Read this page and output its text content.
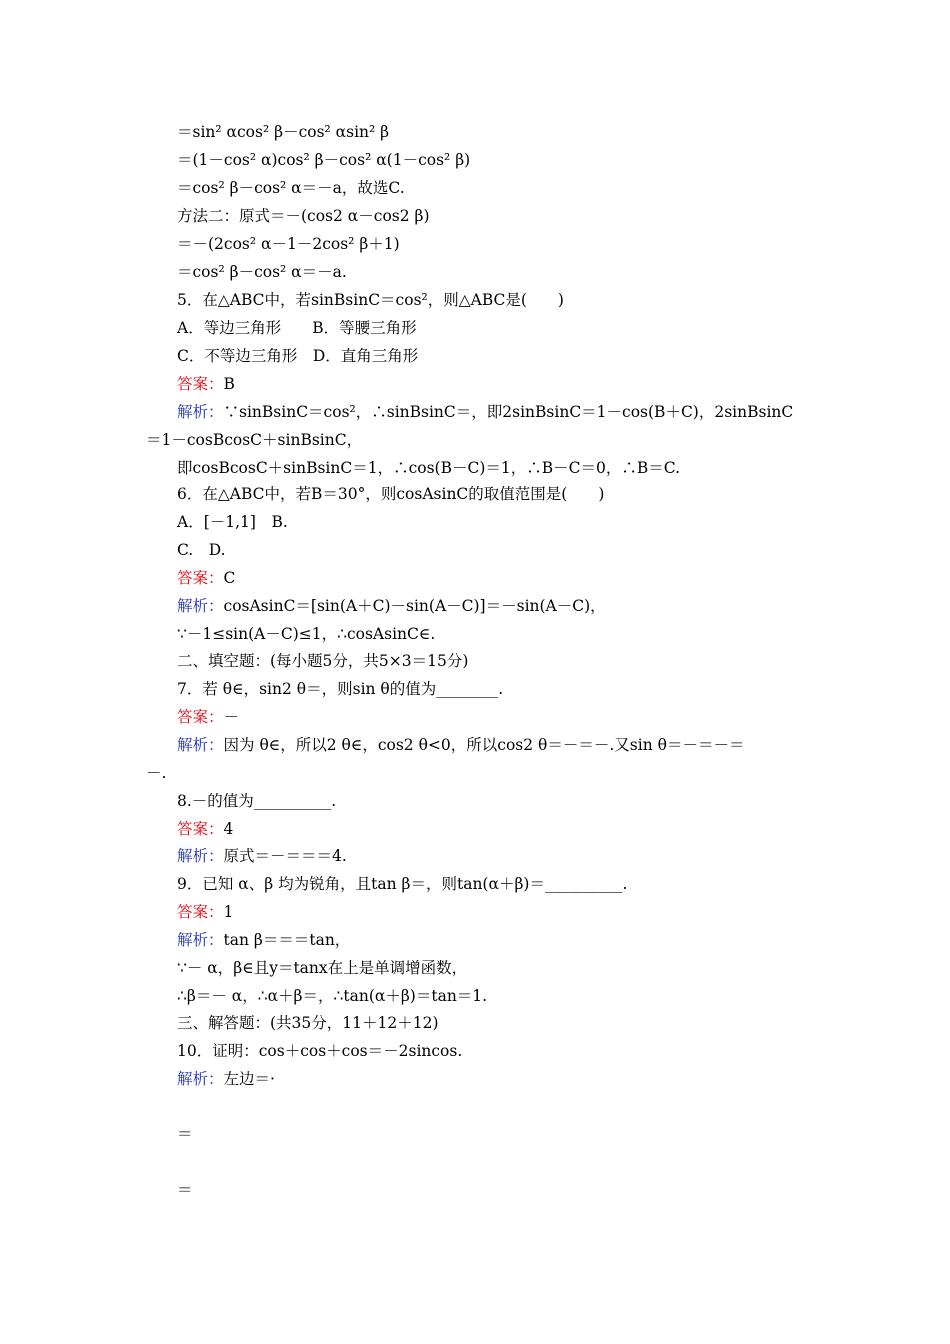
＝sin² αcos² β－cos² αsin² β
＝(1－cos² α)cos² β－cos² α(1－cos² β)
＝cos² β－cos² α＝－a，故选C.
方法二：原式＝－(cos2 α－cos2 β)
＝－(2cos² α－1－2cos² β＋1)
＝cos² β－cos² α＝－a.
5．在△ABC中，若sinBsinC＝cos²，则△ABC是(　　)
A．等边三角形　　B．等腰三角形
C．不等边三角形　D．直角三角形
答案：B
解析：∵sinBsinC＝cos²，∴sinBsinC＝，即2sinBsinC＝1－cos(B＋C)，2sinBsinC
＝1－cosBcosC＋sinBsinC，
即cosBcosC＋sinBsinC＝1，∴cos(B－C)＝1，∴B－C＝0，∴B＝C.
6．在△ABC中，若B＝30°，则cosAsinC的取值范围是(　　)
A．[－1,1]　B.
C.　D.
答案：C
解析：cosAsinC＝[sin(A＋C)－sin(A－C)]＝－sin(A－C)，
∵－1≤sin(A－C)≤1，∴cosAsinC∈.
二、填空题：(每小题5分，共5×3＝15分)
7．若 θ∈，sin2 θ＝，则sin θ的值为________.
答案：－
解析：因为 θ∈，所以2 θ∈，cos2 θ<0，所以cos2 θ＝－＝－.又sin θ＝－＝－＝
－.
8.－的值为__________.
答案：4
解析：原式＝－＝＝＝4.
9．已知 α、β 均为锐角，且tan β＝，则tan(α＋β)＝__________.
答案：1
解析：tan β＝＝＝tan，
∵－ α，β∈且y＝tanx在上是单调增函数，
∴β＝－ α，∴α＋β＝，∴tan(α＋β)＝tan＝1.
三、解答题：(共35分，11＋12＋12)
10．证明：cos＋cos＋cos＝－2sincos.
解析：左边＝·
＝
＝
